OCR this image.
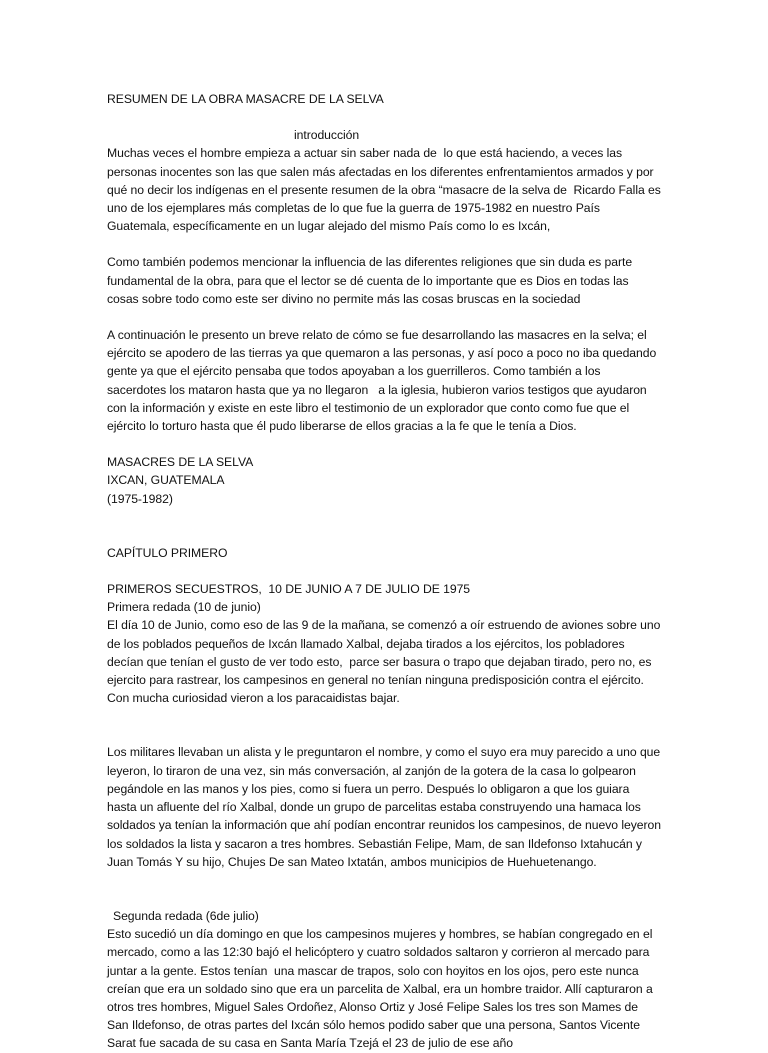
RESUMEN DE LA OBRA MASACRE DE LA SELVA

introducción

Muchas veces el hombre empieza a actuar sin saber nada de  lo que está haciendo, a veces las personas inocentes son las que salen más afectadas en los diferentes enfrentamientos armados y por qué no decir los indígenas en el presente resumen de la obra “masacre de la selva de  Ricardo Falla es uno de los ejemplares más completas de lo que fue la guerra de 1975-1982 en nuestro País Guatemala, específicamente en un lugar alejado del mismo País como lo es Ixcán,

Como también podemos mencionar la influencia de las diferentes religiones que sin duda es parte fundamental de la obra, para que el lector se dé cuenta de lo importante que es Dios en todas las cosas sobre todo como este ser divino no permite más las cosas bruscas en la sociedad

A continuación le presento un breve relato de cómo se fue desarrollando las masacres en la selva; el ejército se apodero de las tierras ya que quemaron a las personas, y así poco a poco no iba quedando gente ya que el ejército pensaba que todos apoyaban a los guerrilleros. Como también a los sacerdotes los mataron hasta que ya no llegaron   a la iglesia, hubieron varios testigos que ayudaron con la información y existe en este libro el testimonio de un explorador que conto como fue que el ejército lo torturo hasta que él pudo liberarse de ellos gracias a la fe que le tenía a Dios.

MASACRES DE LA SELVA

IXCAN, GUATEMALA

(1975-1982)

CAPÍTULO PRIMERO

PRIMEROS SECUESTROS,  10 DE JUNIO A 7 DE JULIO DE 1975

Primera redada (10 de junio)

El día 10 de Junio, como eso de las 9 de la mañana, se comenzó a oír estruendo de aviones sobre uno de los poblados pequeños de Ixcán llamado Xalbal, dejaba tirados a los ejércitos, los pobladores decían que tenían el gusto de ver todo esto,  parce ser basura o trapo que dejaban tirado, pero no, es ejercito para rastrear, los campesinos en general no tenían ninguna predisposición contra el ejército. Con mucha curiosidad vieron a los paracaidistas bajar.

Los militares llevaban un alista y le preguntaron el nombre, y como el suyo era muy parecido a uno que leyeron, lo tiraron de una vez, sin más conversación, al zanjón de la gotera de la casa lo golpearon pegándole en las manos y los pies, como si fuera un perro. Después lo obligaron a que los guiara hasta un afluente del río Xalbal, donde un grupo de parcelitas estaba construyendo una hamaca los soldados ya tenían la información que ahí podían encontrar reunidos los campesinos, de nuevo leyeron los soldados la lista y sacaron a tres hombres. Sebastián Felipe, Mam, de san Ildefonso Ixtahucán y Juan Tomás Y su hijo, Chujes De san Mateo Ixtatán, ambos municipios de Huehuetenango.

Segunda redada (6de julio)

Esto sucedió un día domingo en que los campesinos mujeres y hombres, se habían congregado en el mercado, como a las 12:30 bajó el helicóptero y cuatro soldados saltaron y corrieron al mercado para juntar a la gente. Estos tenían  una mascar de trapos, solo con hoyitos en los ojos, pero este nunca creían que era un soldado sino que era un parcelita de Xalbal, era un hombre traidor. Allí capturaron a otros tres hombres, Miguel Sales Ordoñez, Alonso Ortiz y José Felipe Sales los tres son Mames de San Ildefonso, de otras partes del Ixcán sólo hemos podido saber que una persona, Santos Vicente Sarat fue sacada de su casa en Santa María Tzejá el 23 de julio de ese año
